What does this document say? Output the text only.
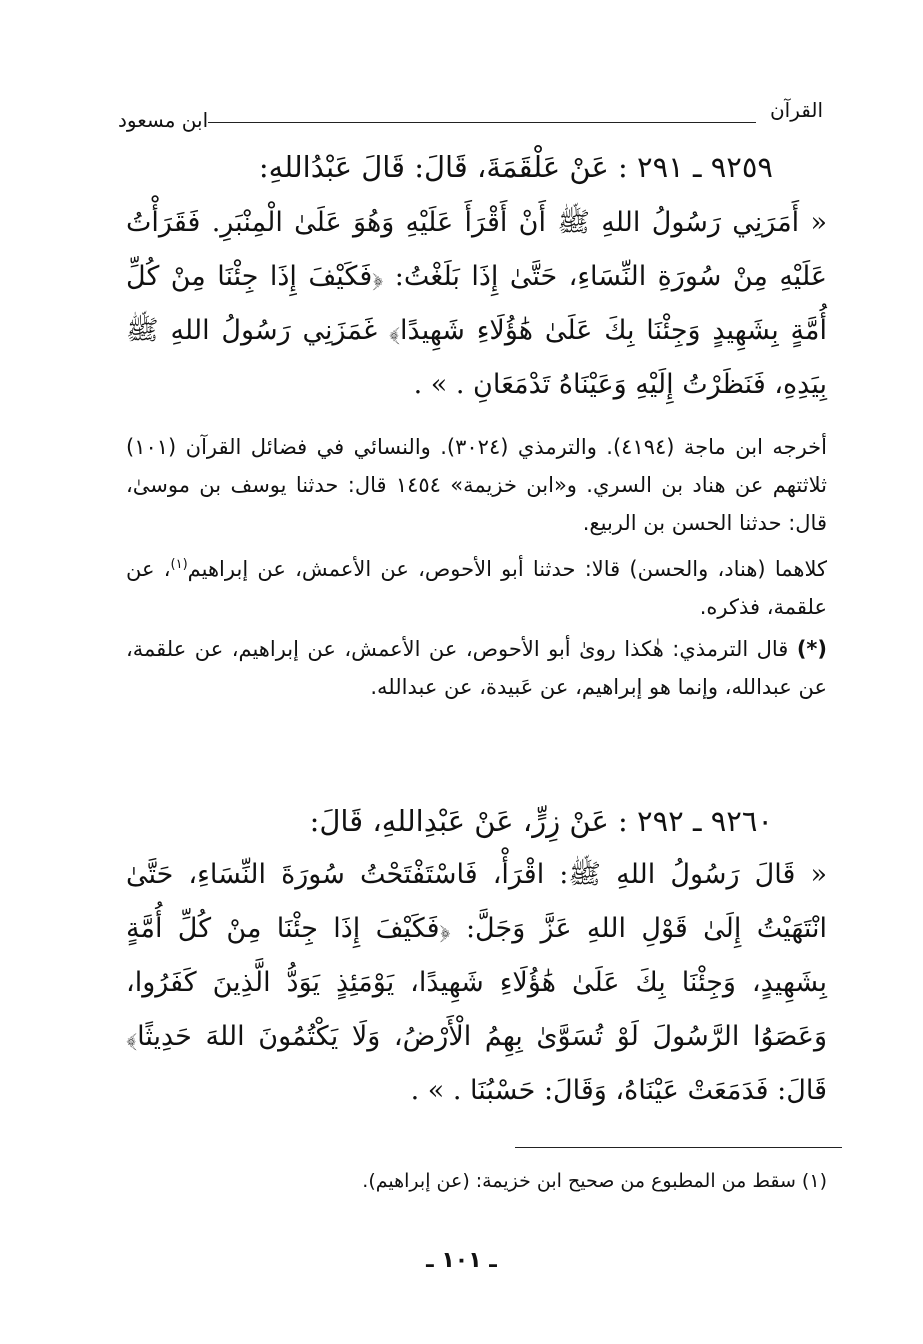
القرآن
ابن مسعود
٩٢٥٩ ـ ٢٩١ : عَنْ عَلْقَمَةَ، قَالَ: قَالَ عَبْدُاللهِ:
« أَمَرَنِي رَسُولُ اللهِ ﷺ أَنْ أَقْرَأَ عَلَيْهِ وَهُوَ عَلَىٰ الْمِنْبَرِ. فَقَرَأْتُ عَلَيْهِ مِنْ سُورَةِ النِّسَاءِ، حَتَّىٰ إِذَا بَلَغْتُ: ﴿فَكَيْفَ إِذَا جِئْنَا مِنْ كُلِّ أُمَّةٍ بِشَهِيدٍ وَجِئْنَا بِكَ عَلَىٰ هَٰؤُلَاءِ شَهِيدًا﴾ غَمَزَنِي رَسُولُ اللهِ ﷺ بِيَدِهِ، فَنَظَرْتُ إِلَيْهِ وَعَيْنَاهُ تَدْمَعَانِ . » .

أخرجه ابن ماجة (٤١٩٤). والترمذي (٣٠٢٤). والنسائي في فضائل القرآن (١٠١) ثلاثتهم عن هناد بن السري. و«ابن خزيمة» ١٤٥٤ قال: حدثنا يوسف بن موسىٰ، قال: حدثنا الحسن بن الربيع.

كلاهما (هناد، والحسن) قالا: حدثنا أبو الأحوص، عن الأعمش، عن إبراهيم$^{(١)}$، عن علقمة، فذكره.

(*) قال الترمذي: هٰكذا روىٰ أبو الأحوص، عن الأعمش، عن إبراهيم، عن علقمة، عن عبدالله، وإنما هو إبراهيم، عن عَبيدة، عن عبدالله.

٩٢٦٠ ـ ٢٩٢ : عَنْ زِرٍّ، عَنْ عَبْدِاللهِ، قَالَ:
« قَالَ رَسُولُ اللهِ ﷺ: اقْرَأْ، فَاسْتَفْتَحْتُ سُورَةَ النِّسَاءِ، حَتَّىٰ انْتَهَيْتُ إِلَىٰ قَوْلِ اللهِ عَزَّ وَجَلَّ: ﴿فَكَيْفَ إِذَا جِئْنَا مِنْ كُلِّ أُمَّةٍ بِشَهِيدٍ، وَجِئْنَا بِكَ عَلَىٰ هَٰؤُلَاءِ شَهِيدًا، يَوْمَئِذٍ يَوَدُّ الَّذِينَ كَفَرُوا، وَعَصَوُا الرَّسُولَ لَوْ تُسَوَّىٰ بِهِمُ الْأَرْضُ، وَلَا يَكْتُمُونَ اللهَ حَدِيثًا﴾ قَالَ: فَدَمَعَتْ عَيْنَاهُ، وَقَالَ: حَسْبُنَا . » .
(١) سقط من المطبوع من صحيح ابن خزيمة: (عن إبراهيم).
ـ ١٠١ ـ
